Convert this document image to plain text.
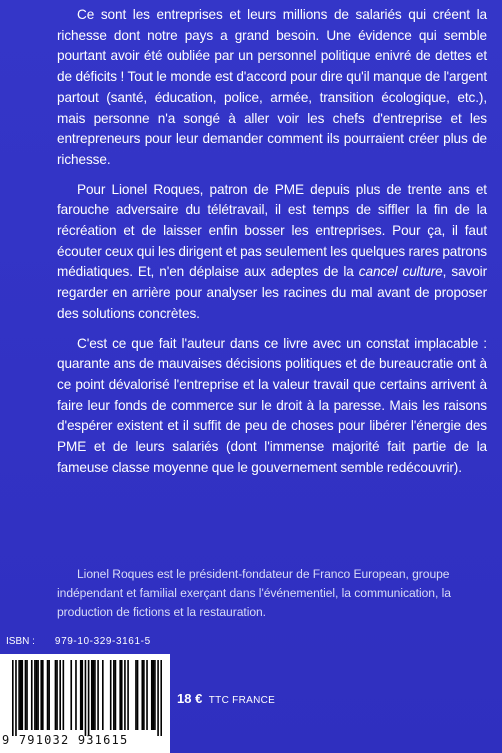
Ce sont les entreprises et leurs millions de salariés qui créent la richesse dont notre pays a grand besoin. Une évidence qui semble pourtant avoir été oubliée par un personnel politique enivré de dettes et de déficits ! Tout le monde est d'accord pour dire qu'il manque de l'argent partout (santé, éducation, police, armée, transition écologique, etc.), mais personne n'a songé à aller voir les chefs d'entreprise et les entrepreneurs pour leur demander comment ils pourraient créer plus de richesse.

Pour Lionel Roques, patron de PME depuis plus de trente ans et farouche adversaire du télétravail, il est temps de siffler la fin de la récréation et de laisser enfin bosser les entreprises. Pour ça, il faut écouter ceux qui les dirigent et pas seulement les quelques rares patrons médiatiques. Et, n'en déplaise aux adeptes de la cancel culture, savoir regarder en arrière pour analyser les racines du mal avant de proposer des solutions concrètes.

C'est ce que fait l'auteur dans ce livre avec un constat implacable : quarante ans de mauvaises décisions politiques et de bureaucratie ont à ce point dévalorisé l'entreprise et la valeur travail que certains arrivent à faire leur fonds de commerce sur le droit à la paresse. Mais les raisons d'espérer existent et il suffit de peu de choses pour libérer l'énergie des PME et de leurs salariés (dont l'immense majorité fait partie de la fameuse classe moyenne que le gouvernement semble redécouvrir).

Lionel Roques est le président-fondateur de Franco European, groupe indépendant et familial exerçant dans l'événementiel, la communication, la production de fictions et la restauration.

ISBN : 979-10-329-3161-5
9 791032 931615
18 € TTC FRANCE
